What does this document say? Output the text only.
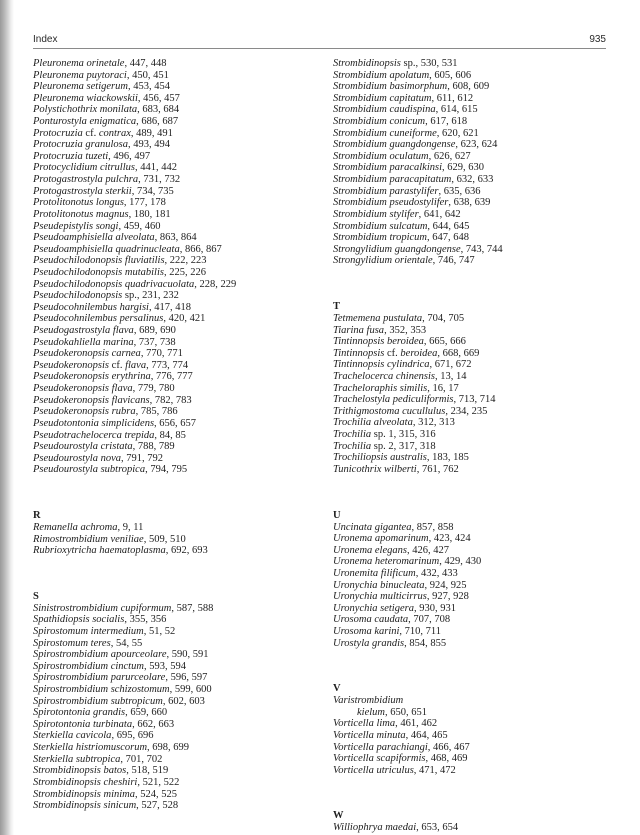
Index	935
Pleuronema orinetale, 447, 448
Pleuronema puytoraci, 450, 451
Pleuronema setigerum, 453, 454
Pleuronema wiackowskii, 456, 457
Polystichothrix monilata, 683, 684
Ponturostyla enigmatica, 686, 687
Protocruzia cf. contrax, 489, 491
Protocruzia granulosa, 493, 494
Protocruzia tuzeti, 496, 497
Protocyclidium citrullus, 441, 442
Protogastrostyla pulchra, 731, 732
Protogastrostyla sterkii, 734, 735
Protolitonotus longus, 177, 178
Protolitonotus magnus, 180, 181
Pseudepistylis songi, 459, 460
Pseudoamphisiella alveolata, 863, 864
Pseudoamphisiella quadrinucleata, 866, 867
Pseudochilodonopsis fluviatilis, 222, 223
Pseudochilodonopsis mutabilis, 225, 226
Pseudochilodonopsis quadrivacuolata, 228, 229
Pseudochilodonopsis sp., 231, 232
Pseudocohnilembus hargisi, 417, 418
Pseudocohnilembus persalinus, 420, 421
Pseudogastrostyla flava, 689, 690
Pseudokahliella marina, 737, 738
Pseudokeronopsis carnea, 770, 771
Pseudokeronopsis cf. flava, 773, 774
Pseudokeronopsis erythrina, 776, 777
Pseudokeronopsis flava, 779, 780
Pseudokeronopsis flavicans, 782, 783
Pseudokeronopsis rubra, 785, 786
Pseudotontonia simplicidens, 656, 657
Pseudotrachelocerca trepida, 84, 85
Pseudourostyla cristata, 788, 789
Pseudourostyla nova, 791, 792
Pseudourostyla subtropica, 794, 795
R
Remanella achroma, 9, 11
Rimostrombidium veniliae, 509, 510
Rubrioxytricha haematoplasma, 692, 693
S
Sinistrostrombidium cupiformum, 587, 588
Spathidiopsis socialis, 355, 356
Spirostomum intermedium, 51, 52
Spirostomum teres, 54, 55
Spirostrombidium apourceolare, 590, 591
Spirostrombidium cinctum, 593, 594
Spirostrombidium parurceolare, 596, 597
Spirostrombidium schizostomum, 599, 600
Spirostrombidium subtropicum, 602, 603
Spirotontonia grandis, 659, 660
Spirotontonia turbinata, 662, 663
Sterkiella cavicola, 695, 696
Sterkiella histriomuscorum, 698, 699
Sterkiella subtropica, 701, 702
Strombidinopsis batos, 518, 519
Strombidinopsis cheshiri, 521, 522
Strombidinopsis minima, 524, 525
Strombidinopsis sinicum, 527, 528
Strombidinopsis sp., 530, 531
Strombidium apolatum, 605, 606
Strombidium basimorphum, 608, 609
Strombidium capitatum, 611, 612
Strombidium caudispina, 614, 615
Strombidium conicum, 617, 618
Strombidium cuneiforme, 620, 621
Strombidium guangdongense, 623, 624
Strombidium oculatum, 626, 627
Strombidium paracalkinsi, 629, 630
Strombidium paracapitatum, 632, 633
Strombidium parastylifer, 635, 636
Strombidium pseudostylifer, 638, 639
Strombidium stylifer, 641, 642
Strombidium sulcatum, 644, 645
Strombidium tropicum, 647, 648
Strongylidium guangdongense, 743, 744
Strongylidium orientale, 746, 747
T
Tetmemena pustulata, 704, 705
Tiarina fusa, 352, 353
Tintinnopsis beroidea, 665, 666
Tintinnopsis cf. beroidea, 668, 669
Tintinnopsis cylindrica, 671, 672
Trachelocerca chinensis, 13, 14
Tracheloraphis similis, 16, 17
Trachelostyla pediculiformis, 713, 714
Trithigmostoma cucullulus, 234, 235
Trochilia alveolata, 312, 313
Trochilia sp. 1, 315, 316
Trochilia sp. 2, 317, 318
Trochiliopsis australis, 183, 185
Tunicothrix wilberti, 761, 762
U
Uncinata gigantea, 857, 858
Uronema apomarinum, 423, 424
Uronema elegans, 426, 427
Uronema heteromarinum, 429, 430
Uronemita filificum, 432, 433
Uronychia binucleata, 924, 925
Uronychia multicirrus, 927, 928
Uronychia setigera, 930, 931
Urosoma caudata, 707, 708
Urosoma karini, 710, 711
Urostyla grandis, 854, 855
V
Varistrombidium
kielum, 650, 651
Vorticella lima, 461, 462
Vorticella minuta, 464, 465
Vorticella parachiangi, 466, 467
Vorticella scapiformis, 468, 469
Vorticella utriculus, 471, 472
W
Williophrya maedai, 653, 654
